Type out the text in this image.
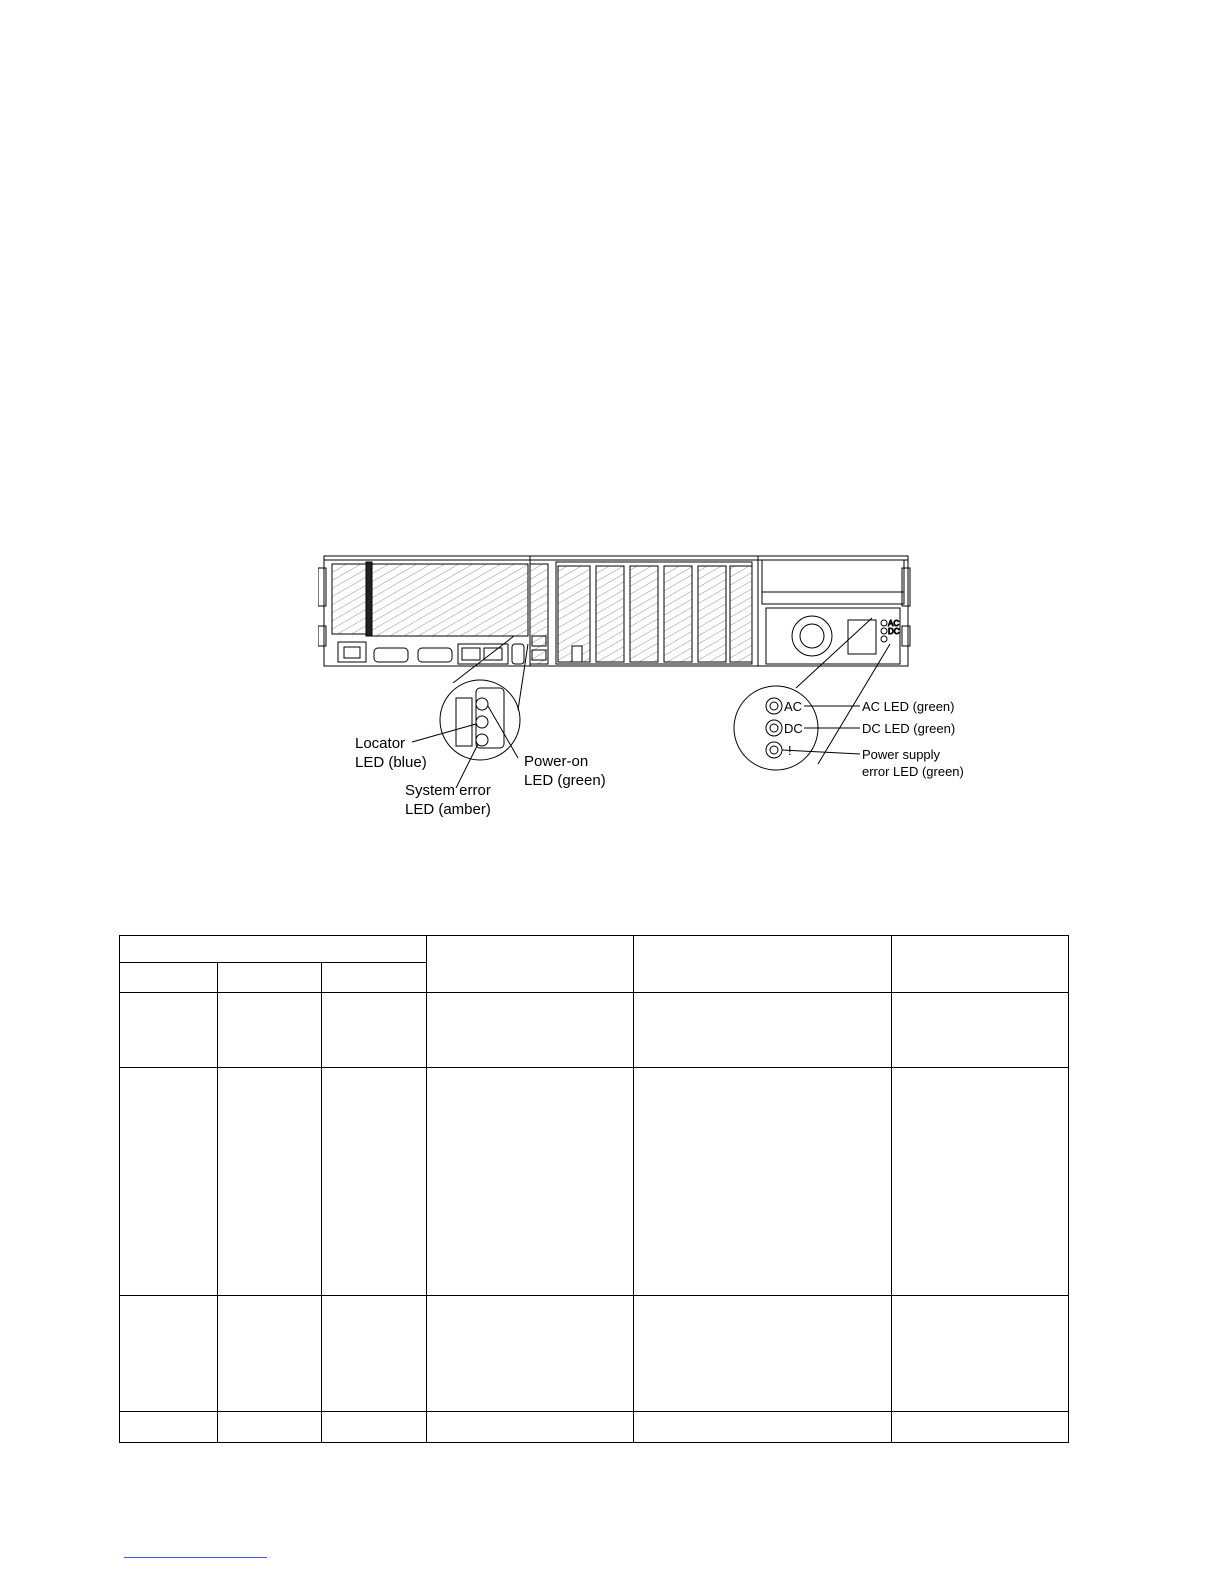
AC
DC
Locator
LED (blue)
System error
LED (amber)
Power-on
LED (green)
AC
DC
!
AC LED (green)
DC LED (green)
Power supply
error LED (green)
